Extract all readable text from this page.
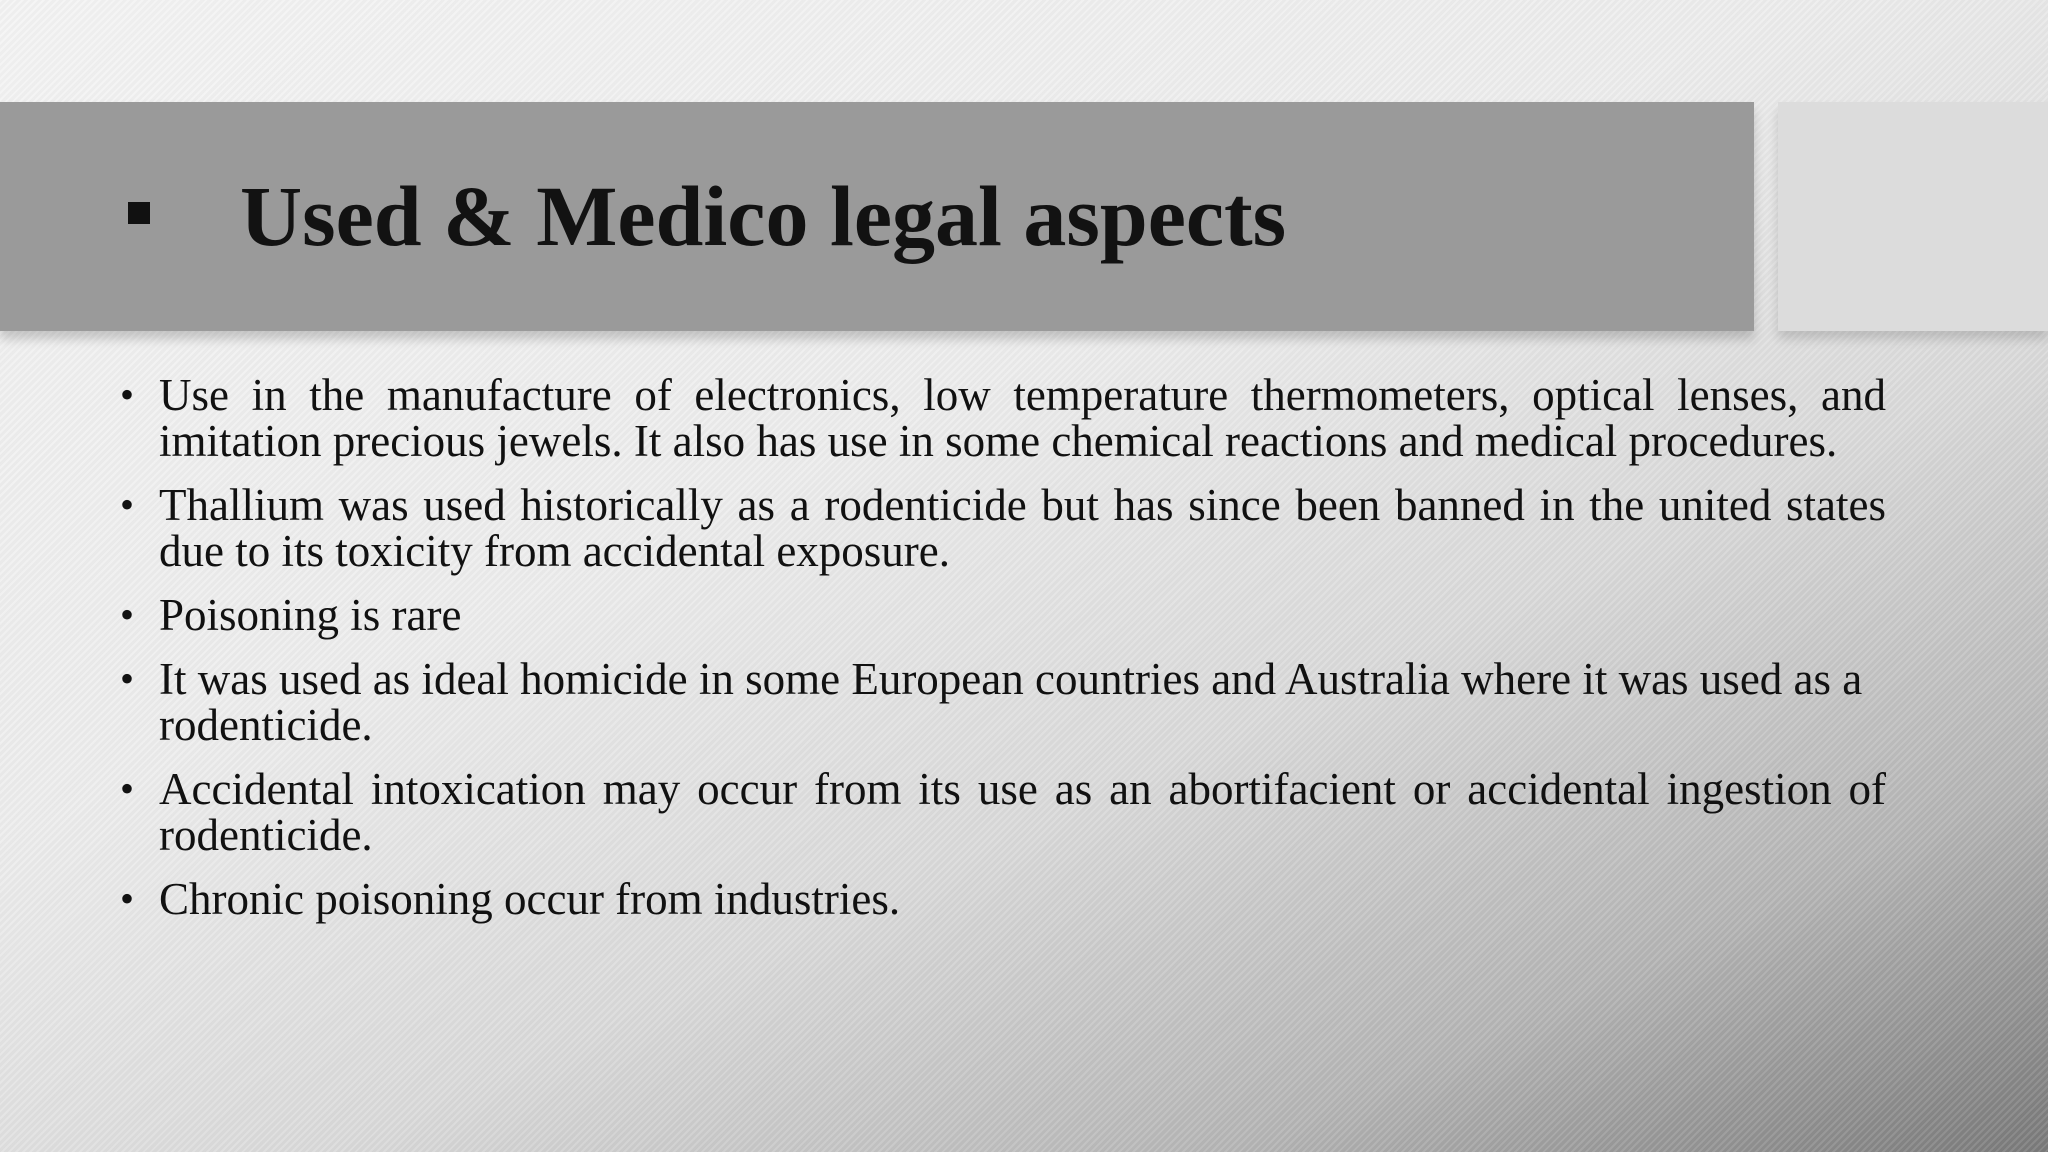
Used & Medico legal aspects
• Use in the manufacture of electronics, low temperature thermometers, optical lenses, and imitation precious jewels. It also has use in some chemical reactions and medical procedures.
• Thallium was used historically as a rodenticide but has since been banned in the united states due to its toxicity from accidental exposure.
• Poisoning is rare
• It was used as ideal homicide in some European countries and Australia where it was used as a rodenticide.
• Accidental intoxication may occur from its use as an abortifacient or accidental ingestion of rodenticide.
• Chronic poisoning occur from industries.
